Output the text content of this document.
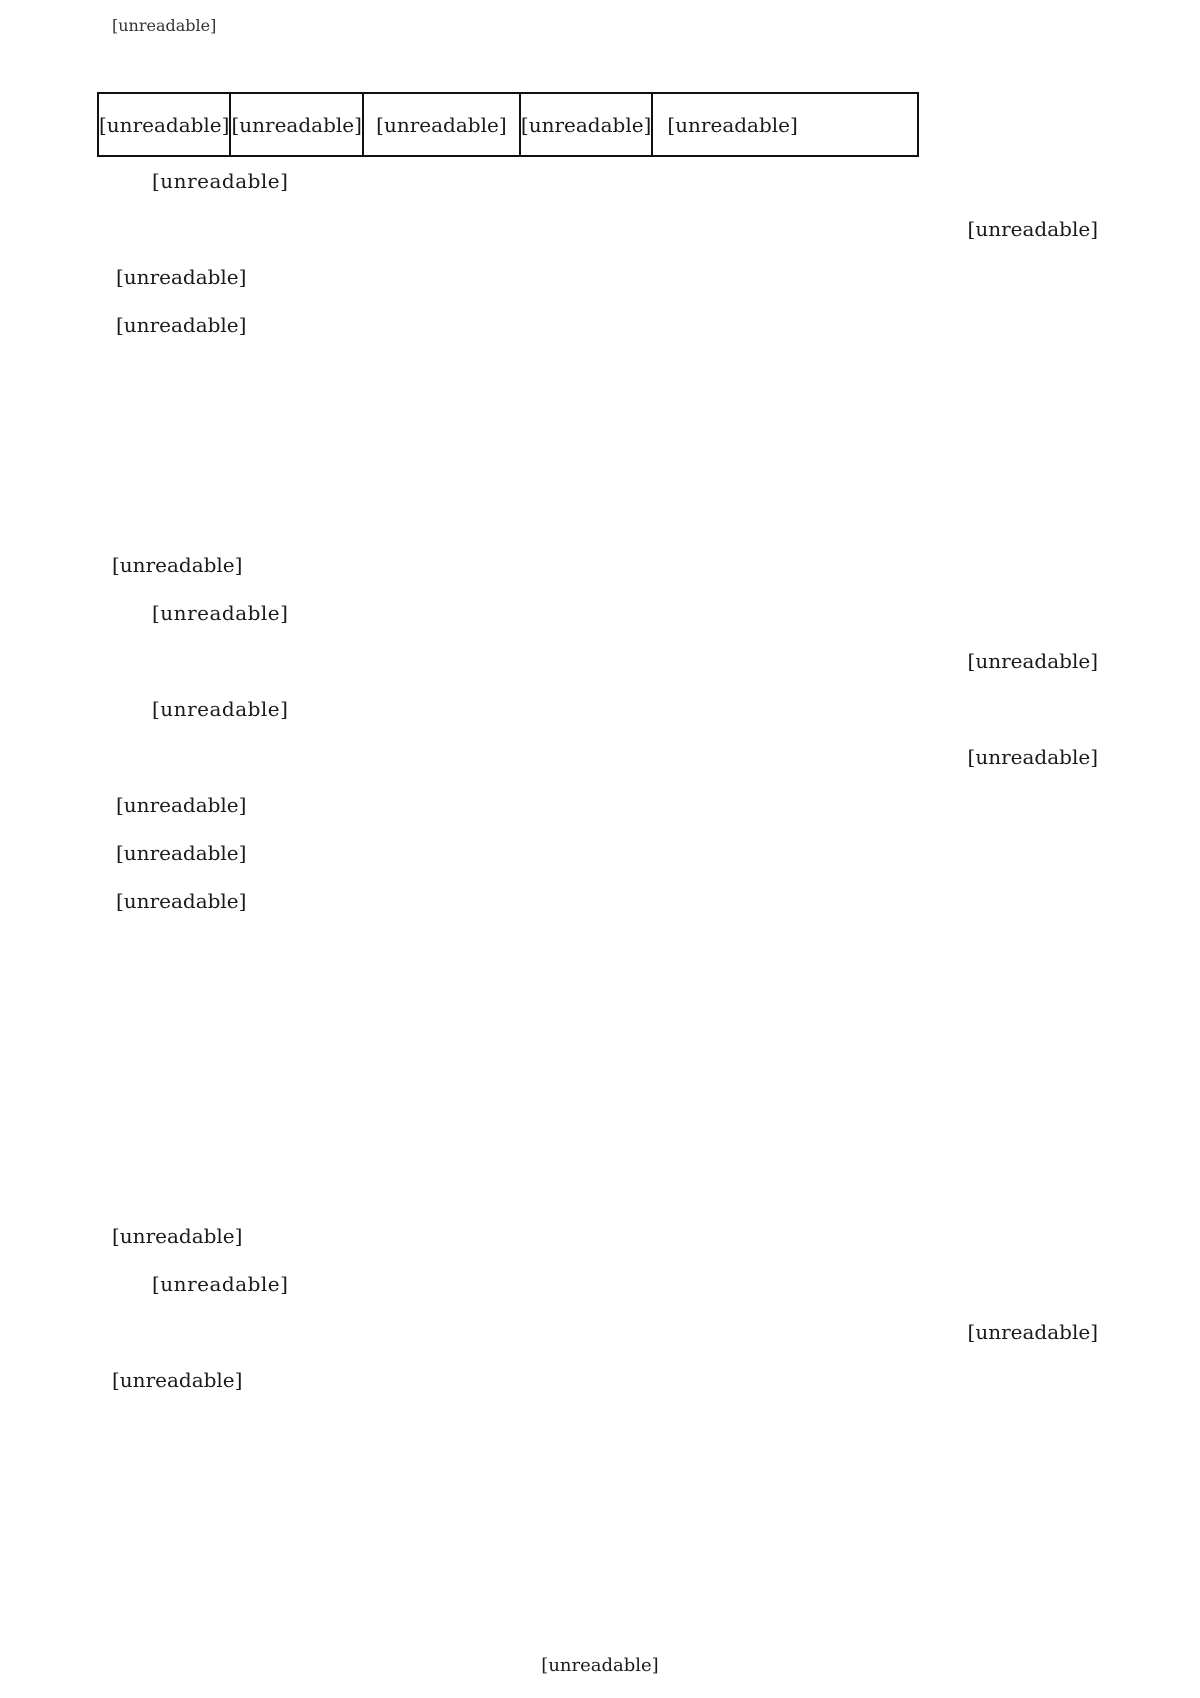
[unreadable]
[unreadable]	[unreadable]	[unreadable]	[unreadable]	[unreadable]

[unreadable]

[unreadable]

[unreadable]

[unreadable]

[unreadable]

[unreadable]

[unreadable]

[unreadable]

[unreadable]

[unreadable]

[unreadable]

[unreadable]

[unreadable]

[unreadable]

[unreadable]

[unreadable]

[unreadable]
